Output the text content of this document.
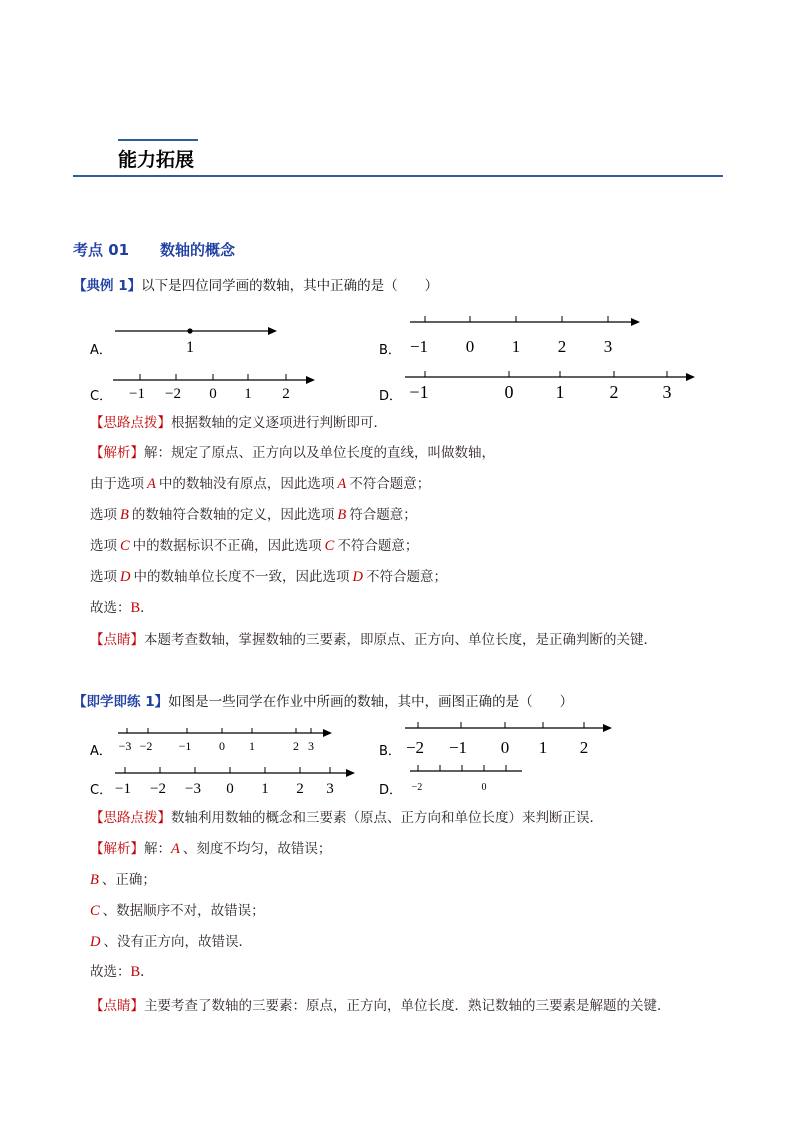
能力拓展
考点 01 数轴的概念
【典例 1】以下是四位同学画的数轴，其中正确的是（　　）
A．	1	B． −1 0 1 2 3
C． −1 −2 0 1 2	D． −1	0 1	2 3
【思路点拨】根据数轴的定义逐项进行判断即可．
【解析】解：规定了原点、正方向以及单位长度的直线，叫做数轴，
由于选项 A 中的数轴没有原点，因此选项 A 不符合题意；
选项 B 的数轴符合数轴的定义，因此选项 B 符合题意；
选项 C 中的数据标识不正确，因此选项 C 不符合题意；
选项 D 中的数轴单位长度不一致，因此选项 D 不符合题意；
故选：B．
【点睛】本题考查数轴，掌握数轴的三要素，即原点、正方向、单位长度，是正确判断的关键．
【即学即练 1】如图是一些同学在作业中所画的数轴，其中，画图正确的是（　　）
A． −3 −2 −1 0 1	2 3	B． −2 −1 0 1 2
C． −1 −2 −3 0 1 2 3	D． −2	0
【思路点拨】数轴利用数轴的概念和三要素（原点、正方向和单位长度）来判断正误．
【解析】解：A 、刻度不均匀，故错误；
B 、正确；
C 、数据顺序不对，故错误；
D 、没有正方向，故错误．
故选：B．
【点睛】主要考查了数轴的三要素：原点，正方向，单位长度．熟记数轴的三要素是解题的关键．
